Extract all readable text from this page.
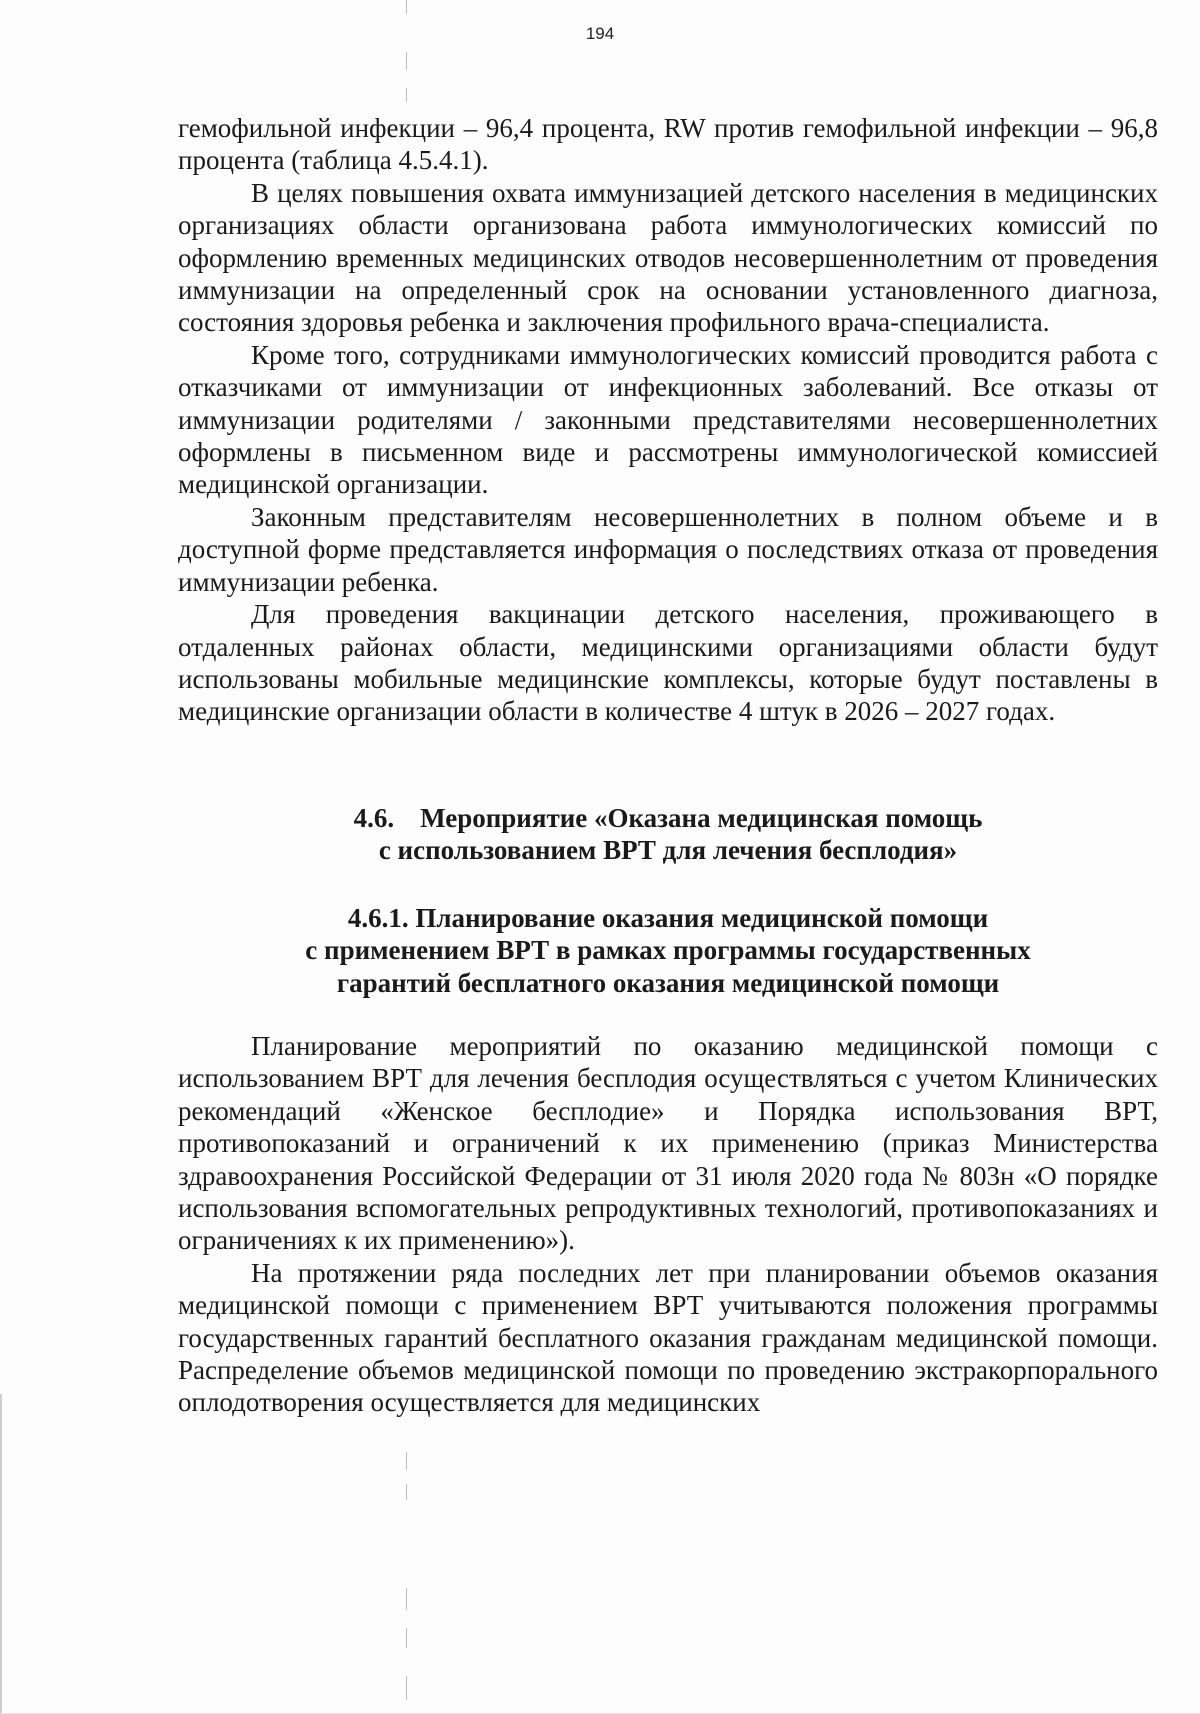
194

гемофильной инфекции – 96,4 процента, RW против гемофильной инфекции – 96,8 процента (таблица 4.5.4.1).

В целях повышения охвата иммунизацией детского населения в медицинских организациях области организована работа иммунологических комиссий по оформлению временных медицинских отводов несовершеннолетним от проведения иммунизации на определенный срок на основании установленного диагноза, состояния здоровья ребенка и заключения профильного врача-специалиста.

Кроме того, сотрудниками иммунологических комиссий проводится работа с отказчиками от иммунизации от инфекционных заболеваний. Все отказы от иммунизации родителями / законными представителями несовершеннолетних оформлены в письменном виде и рассмотрены иммунологической комиссией медицинской организации.

Законным представителям несовершеннолетних в полном объеме и в доступной форме представляется информация о последствиях отказа от проведения иммунизации ребенка.

Для проведения вакцинации детского населения, проживающего в отдаленных районах области, медицинскими организациями области будут использованы мобильные медицинские комплексы, которые будут поставлены в медицинские организации области в количестве 4 штук в 2026 – 2027 годах.

4.6. Мероприятие «Оказана медицинская помощь
с использованием ВРТ для лечения бесплодия»
4.6.1. Планирование оказания медицинской помощи
с применением ВРТ в рамках программы государственных
гарантий бесплатного оказания медицинской помощи

Планирование мероприятий по оказанию медицинской помощи с использованием ВРТ для лечения бесплодия осуществляться с учетом Клинических рекомендаций «Женское бесплодие» и Порядка использования ВРТ, противопоказаний и ограничений к их применению (приказ Министерства здравоохранения Российской Федерации от 31 июля 2020 года № 803н «О порядке использования вспомогательных репродуктивных технологий, противопоказаниях и ограничениях к их применению»).

На протяжении ряда последних лет при планировании объемов оказания медицинской помощи с применением ВРТ учитываются положения программы государственных гарантий бесплатного оказания гражданам медицинской помощи. Распределение объемов медицинской помощи по проведению экстракорпорального оплодотворения осуществляется для медицинских
